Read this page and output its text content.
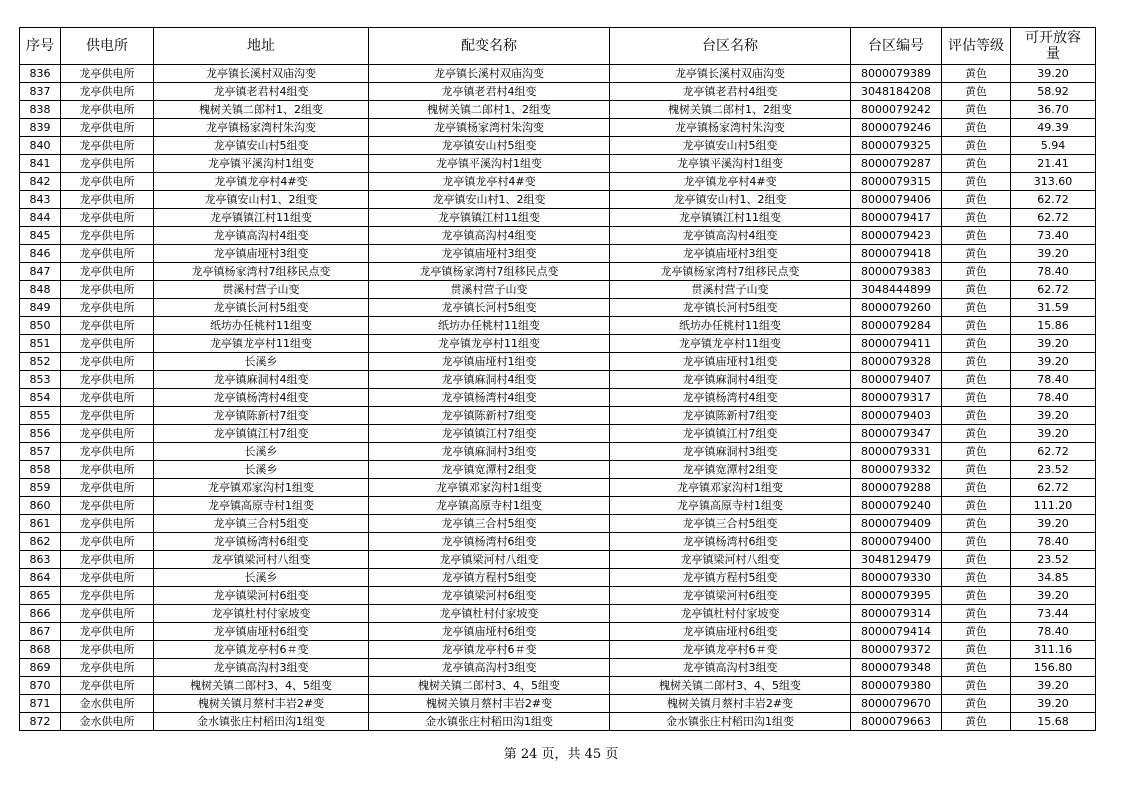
序号	供电所	地址	配变名称	台区名称	台区编号	评估等级	可开放容量
836	龙亭供电所	龙亭镇长溪村双庙沟变	龙亭镇长溪村双庙沟变	龙亭镇长溪村双庙沟变	8000079389	黄色	39.20
837	龙亭供电所	龙亭镇老君村4组变	龙亭镇老君村4组变	龙亭镇老君村4组变	3048184208	黄色	58.92
838	龙亭供电所	槐树关镇二郎村1、2组变	槐树关镇二郎村1、2组变	槐树关镇二郎村1、2组变	8000079242	黄色	36.70
839	龙亭供电所	龙亭镇杨家湾村朱沟变	龙亭镇杨家湾村朱沟变	龙亭镇杨家湾村朱沟变	8000079246	黄色	49.39
840	龙亭供电所	龙亭镇安山村5组变	龙亭镇安山村5组变	龙亭镇安山村5组变	8000079325	黄色	5.94
841	龙亭供电所	龙亭镇平溪沟村1组变	龙亭镇平溪沟村1组变	龙亭镇平溪沟村1组变	8000079287	黄色	21.41
842	龙亭供电所	龙亭镇龙亭村4#变	龙亭镇龙亭村4#变	龙亭镇龙亭村4#变	8000079315	黄色	313.60
843	龙亭供电所	龙亭镇安山村1、2组变	龙亭镇安山村1、2组变	龙亭镇安山村1、2组变	8000079406	黄色	62.72
844	龙亭供电所	龙亭镇镇江村11组变	龙亭镇镇江村11组变	龙亭镇镇江村11组变	8000079417	黄色	62.72
845	龙亭供电所	龙亭镇高沟村4组变	龙亭镇高沟村4组变	龙亭镇高沟村4组变	8000079423	黄色	73.40
846	龙亭供电所	龙亭镇庙垭村3组变	龙亭镇庙垭村3组变	龙亭镇庙垭村3组变	8000079418	黄色	39.20
847	龙亭供电所	龙亭镇杨家湾村7组移民点变	龙亭镇杨家湾村7组移民点变	龙亭镇杨家湾村7组移民点变	8000079383	黄色	78.40
848	龙亭供电所	贯溪村营子山变	贯溪村营子山变	贯溪村营子山变	3048444899	黄色	62.72
849	龙亭供电所	龙亭镇长河村5组变	龙亭镇长河村5组变	龙亭镇长河村5组变	8000079260	黄色	31.59
850	龙亭供电所	纸坊办任桃村11组变	纸坊办任桃村11组变	纸坊办任桃村11组变	8000079284	黄色	15.86
851	龙亭供电所	龙亭镇龙亭村11组变	龙亭镇龙亭村11组变	龙亭镇龙亭村11组变	8000079411	黄色	39.20
852	龙亭供电所	长溪乡	龙亭镇庙垭村1组变	龙亭镇庙垭村1组变	8000079328	黄色	39.20
853	龙亭供电所	龙亭镇麻洞村4组变	龙亭镇麻洞村4组变	龙亭镇麻洞村4组变	8000079407	黄色	78.40
854	龙亭供电所	龙亭镇杨湾村4组变	龙亭镇杨湾村4组变	龙亭镇杨湾村4组变	8000079317	黄色	78.40
855	龙亭供电所	龙亭镇陈新村7组变	龙亭镇陈新村7组变	龙亭镇陈新村7组变	8000079403	黄色	39.20
856	龙亭供电所	龙亭镇镇江村7组变	龙亭镇镇江村7组变	龙亭镇镇江村7组变	8000079347	黄色	39.20
857	龙亭供电所	长溪乡	龙亭镇麻洞村3组变	龙亭镇麻洞村3组变	8000079331	黄色	62.72
858	龙亭供电所	长溪乡	龙亭镇宽潭村2组变	龙亭镇宽潭村2组变	8000079332	黄色	23.52
859	龙亭供电所	龙亭镇邓家沟村1组变	龙亭镇邓家沟村1组变	龙亭镇邓家沟村1组变	8000079288	黄色	62.72
860	龙亭供电所	龙亭镇高原寺村1组变	龙亭镇高原寺村1组变	龙亭镇高原寺村1组变	8000079240	黄色	111.20
861	龙亭供电所	龙亭镇三合村5组变	龙亭镇三合村5组变	龙亭镇三合村5组变	8000079409	黄色	39.20
862	龙亭供电所	龙亭镇杨湾村6组变	龙亭镇杨湾村6组变	龙亭镇杨湾村6组变	8000079400	黄色	78.40
863	龙亭供电所	龙亭镇梁河村八组变	龙亭镇梁河村八组变	龙亭镇梁河村八组变	3048129479	黄色	23.52
864	龙亭供电所	长溪乡	龙亭镇方程村5组变	龙亭镇方程村5组变	8000079330	黄色	34.85
865	龙亭供电所	龙亭镇梁河村6组变	龙亭镇梁河村6组变	龙亭镇梁河村6组变	8000079395	黄色	39.20
866	龙亭供电所	龙亭镇杜村付家坡变	龙亭镇杜村付家坡变	龙亭镇杜村付家坡变	8000079314	黄色	73.44
867	龙亭供电所	龙亭镇庙垭村6组变	龙亭镇庙垭村6组变	龙亭镇庙垭村6组变	8000079414	黄色	78.40
868	龙亭供电所	龙亭镇龙亭村6＃变	龙亭镇龙亭村6＃变	龙亭镇龙亭村6＃变	8000079372	黄色	311.16
869	龙亭供电所	龙亭镇高沟村3组变	龙亭镇高沟村3组变	龙亭镇高沟村3组变	8000079348	黄色	156.80
870	龙亭供电所	槐树关镇二郎村3、4、5组变	槐树关镇二郎村3、4、5组变	槐树关镇二郎村3、4、5组变	8000079380	黄色	39.20
871	金水供电所	槐树关镇月蔡村丰岩2#变	槐树关镇月蔡村丰岩2#变	槐树关镇月蔡村丰岩2#变	8000079670	黄色	39.20
872	金水供电所	金水镇张庄村稻田沟1组变	金水镇张庄村稻田沟1组变	金水镇张庄村稻田沟1组变	8000079663	黄色	15.68
第 24 页，共 45 页
